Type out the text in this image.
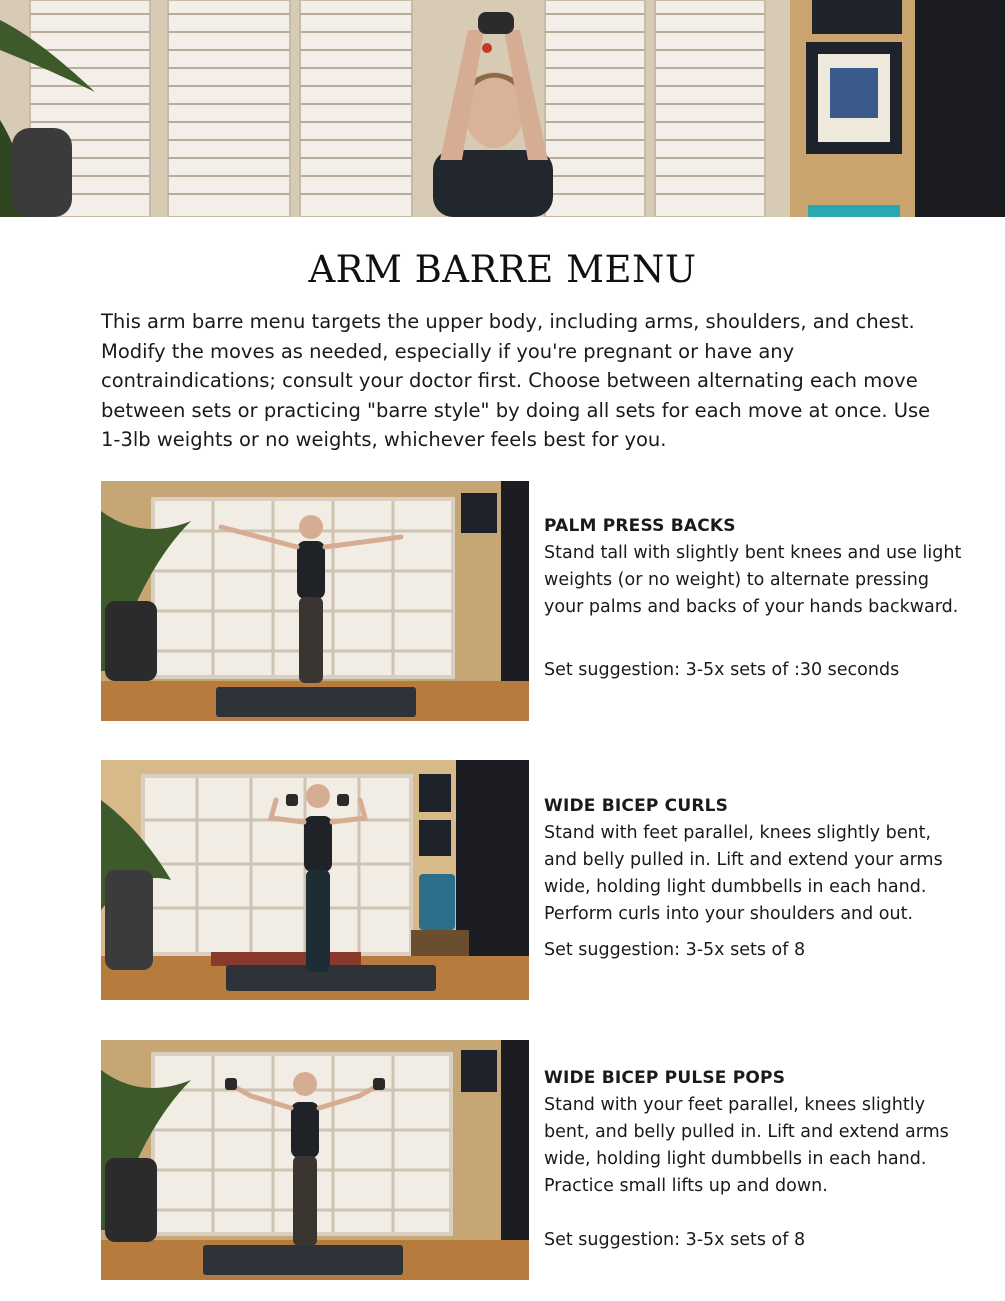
ARM BARRE MENU
This arm barre menu targets the upper body, including arms, shoulders, and chest. Modify the moves as needed, especially if you're pregnant or have any contraindications; consult your doctor first. Choose between alternating each move between sets or practicing "barre style" by doing all sets for each move at once. Use 1-3lb weights or no weights, whichever feels best for you.
PALM PRESS BACKS
Stand tall with slightly bent knees and use light weights (or no weight) to alternate pressing your palms and backs of your hands backward.
Set suggestion: 3-5x sets of :30 seconds
WIDE BICEP CURLS
Stand with feet parallel, knees slightly bent, and belly pulled in. Lift and extend your arms wide, holding light dumbbells in each hand. Perform curls into your shoulders and out.
Set suggestion: 3-5x sets of 8
WIDE BICEP PULSE POPS
Stand with your feet parallel, knees slightly bent, and belly pulled in. Lift and extend arms wide, holding light dumbbells in each hand. Practice small lifts up and down.
Set suggestion: 3-5x sets of 8
